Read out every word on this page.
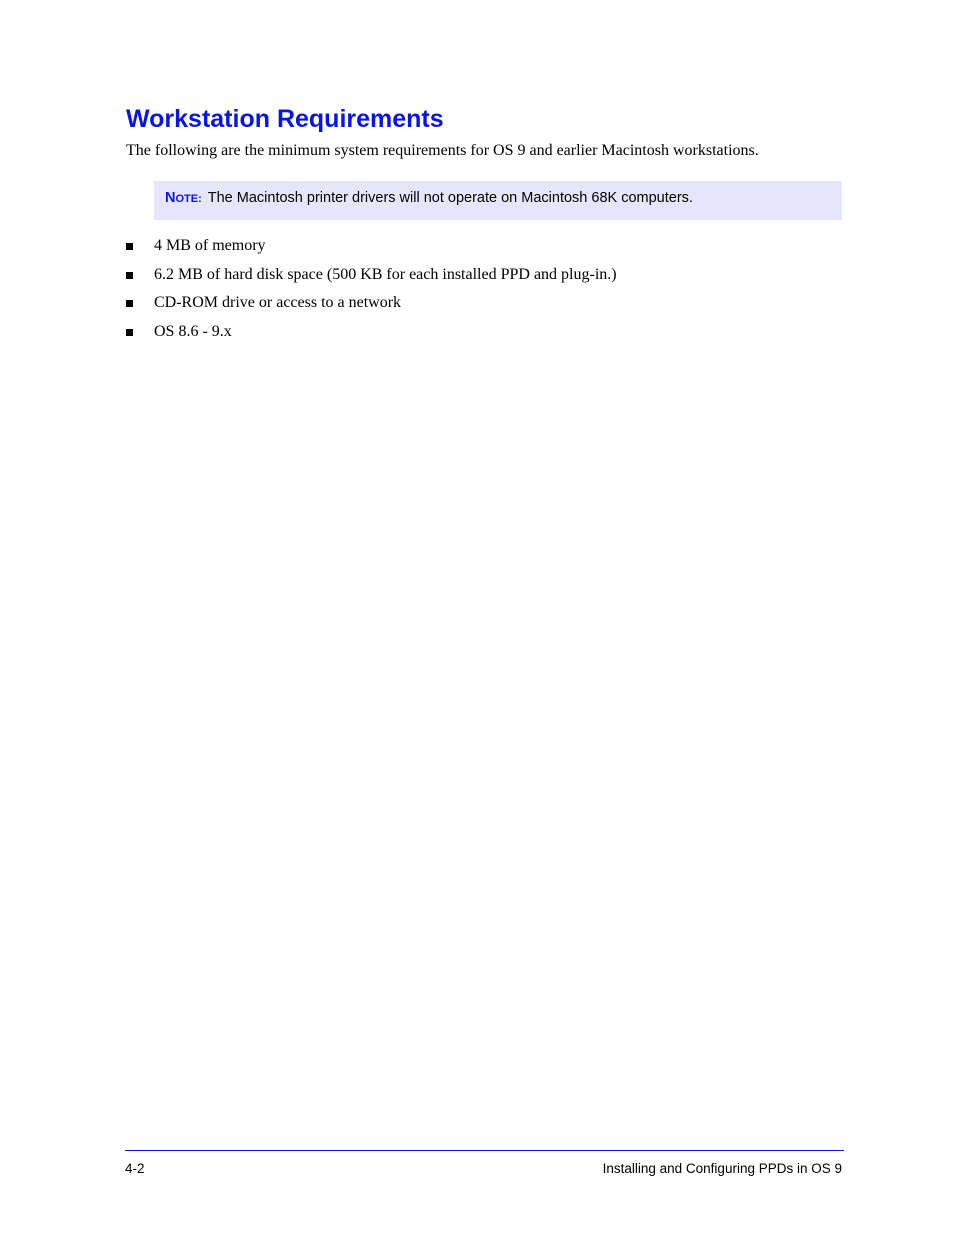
Workstation Requirements

The following are the minimum system requirements for OS 9 and earlier Macintosh workstations.

NOTE: The Macintosh printer drivers will not operate on Macintosh 68K computers.
4 MB of memory
6.2 MB of hard disk space (500 KB for each installed PPD and plug-in.)
CD-ROM drive or access to a network
OS 8.6 - 9.x
4-2	Installing and Configuring PPDs in OS 9
